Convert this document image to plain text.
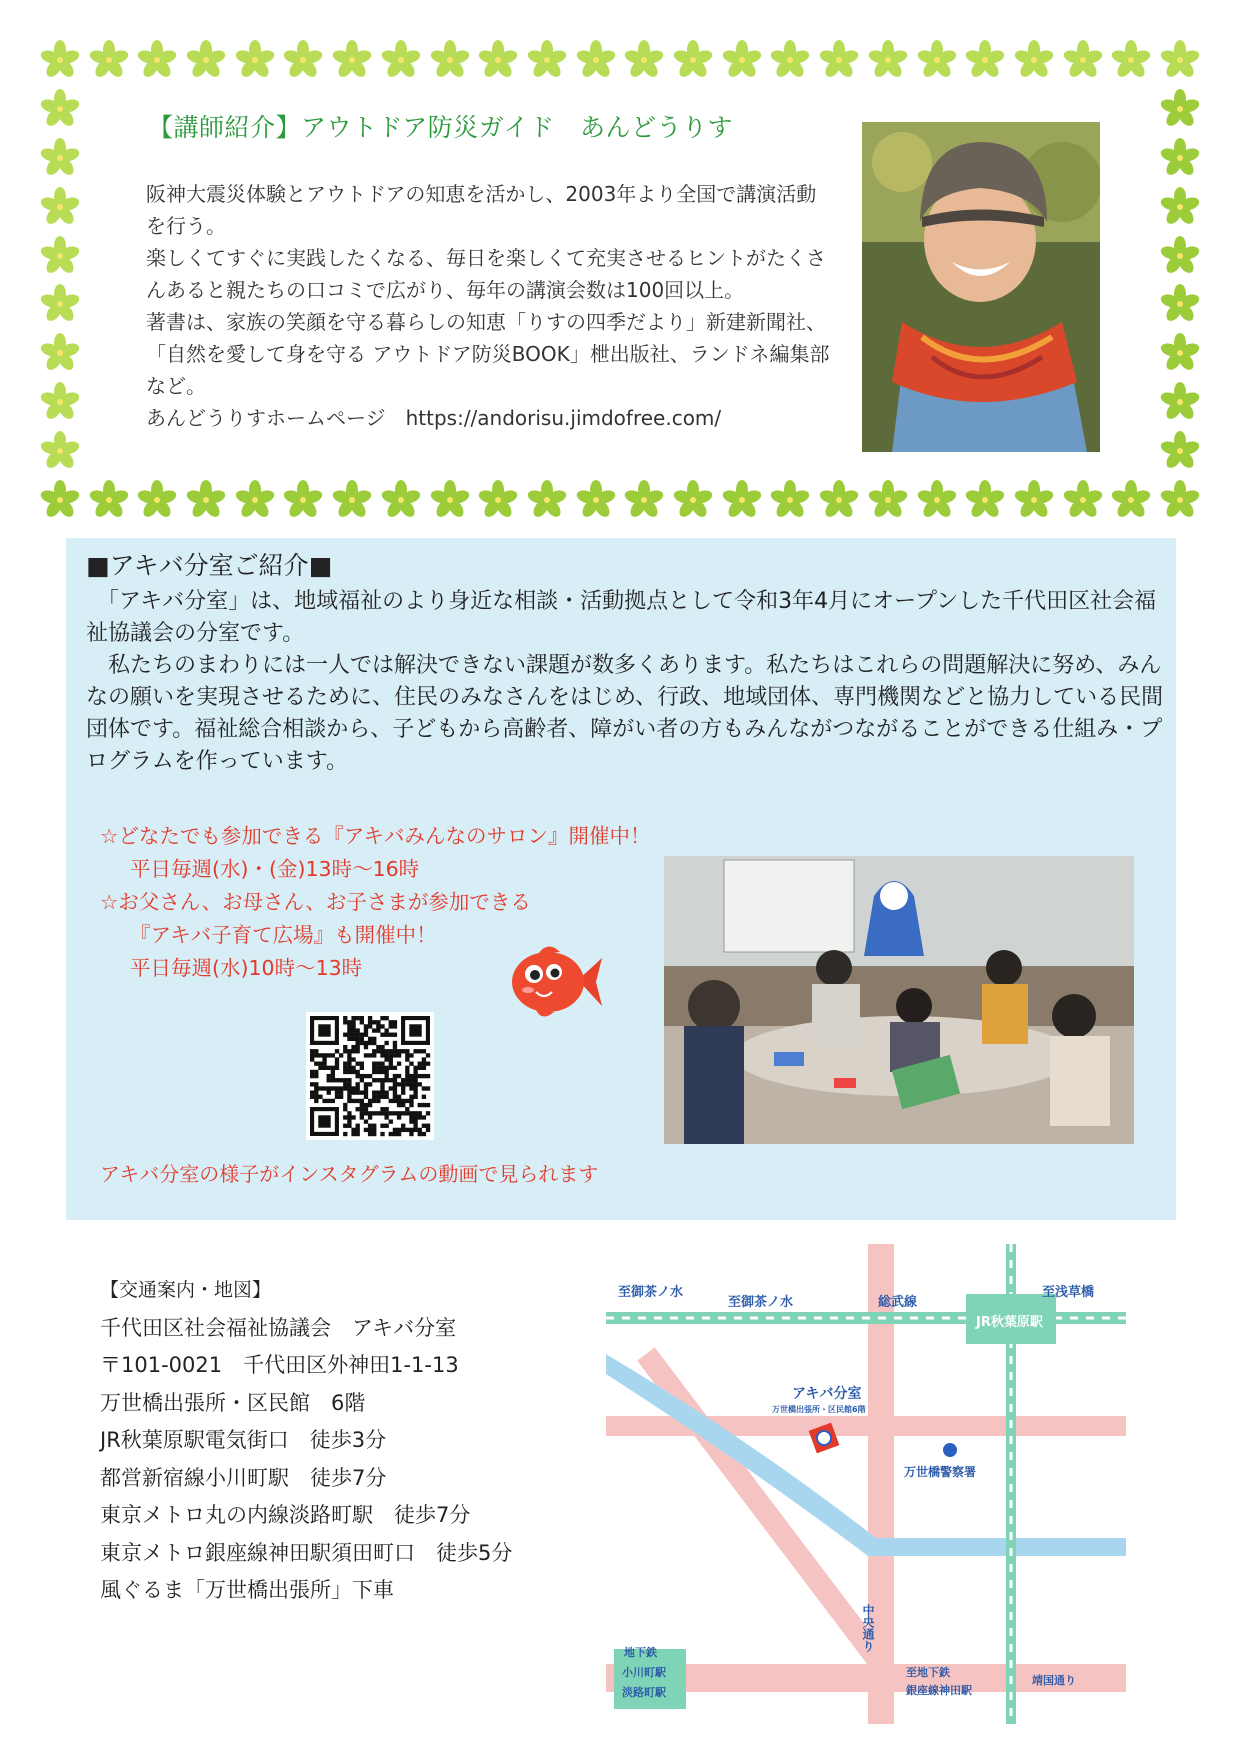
【講師紹介】アウトドア防災ガイド　あんどうりす

阪神大震災体験とアウトドアの知恵を活かし、2003年より全国で講演活動を行う。

楽しくてすぐに実践したくなる、毎日を楽しくて充実させるヒントがたくさんあると親たちの口コミで広がり、毎年の講演会数は100回以上。

著書は、家族の笑顔を守る暮らしの知恵「りすの四季だより」新建新聞社、「自然を愛して身を守る アウトドア防災BOOK」枻出版社、ランドネ編集部など。

あんどうりすホームページ　https://andorisu.jimdofree.com/

■アキバ分室ご紹介■

「アキバ分室」は、地域福祉のより身近な相談・活動拠点として令和3年4月にオープンした千代田区社会福祉協議会の分室です。

私たちのまわりには一人では解決できない課題が数多くあります。私たちはこれらの問題解決に努め、みんなの願いを実現させるために、住民のみなさんをはじめ、行政、地域団体、専門機関などと協力している民間団体です。福祉総合相談から、子どもから高齢者、障がい者の方もみんながつながることができる仕組み・プログラムを作っています。

☆どなたでも参加できる『アキバみんなのサロン』開催中！
平日毎週(水)・(金)13時～16時
☆お父さん、お母さん、お子さまが参加できる
『アキバ子育て広場』も開催中！
平日毎週(水)10時～13時
アキバ分室の様子がインスタグラムの動画で見られます
【交通案内・地図】
千代田区社会福祉協議会　アキバ分室
〒101-0021　千代田区外神田1-1-13
万世橋出張所・区民館　6階
JR秋葉原駅電気街口　徒歩3分
都営新宿線小川町駅　徒歩7分
東京メトロ丸の内線淡路町駅　徒歩7分
東京メトロ銀座線神田駅須田町口　徒歩5分
風ぐるま「万世橋出張所」下車
至御茶ノ水
至御茶ノ水	総武線
至浅草橋
JR秋葉原駅
アキバ分室
万世橋出張所・区民館6階
万世橋警察署
中央通り
地下鉄
小川町駅
淡路町駅
至地下鉄
銀座線神田駅
靖国通り
